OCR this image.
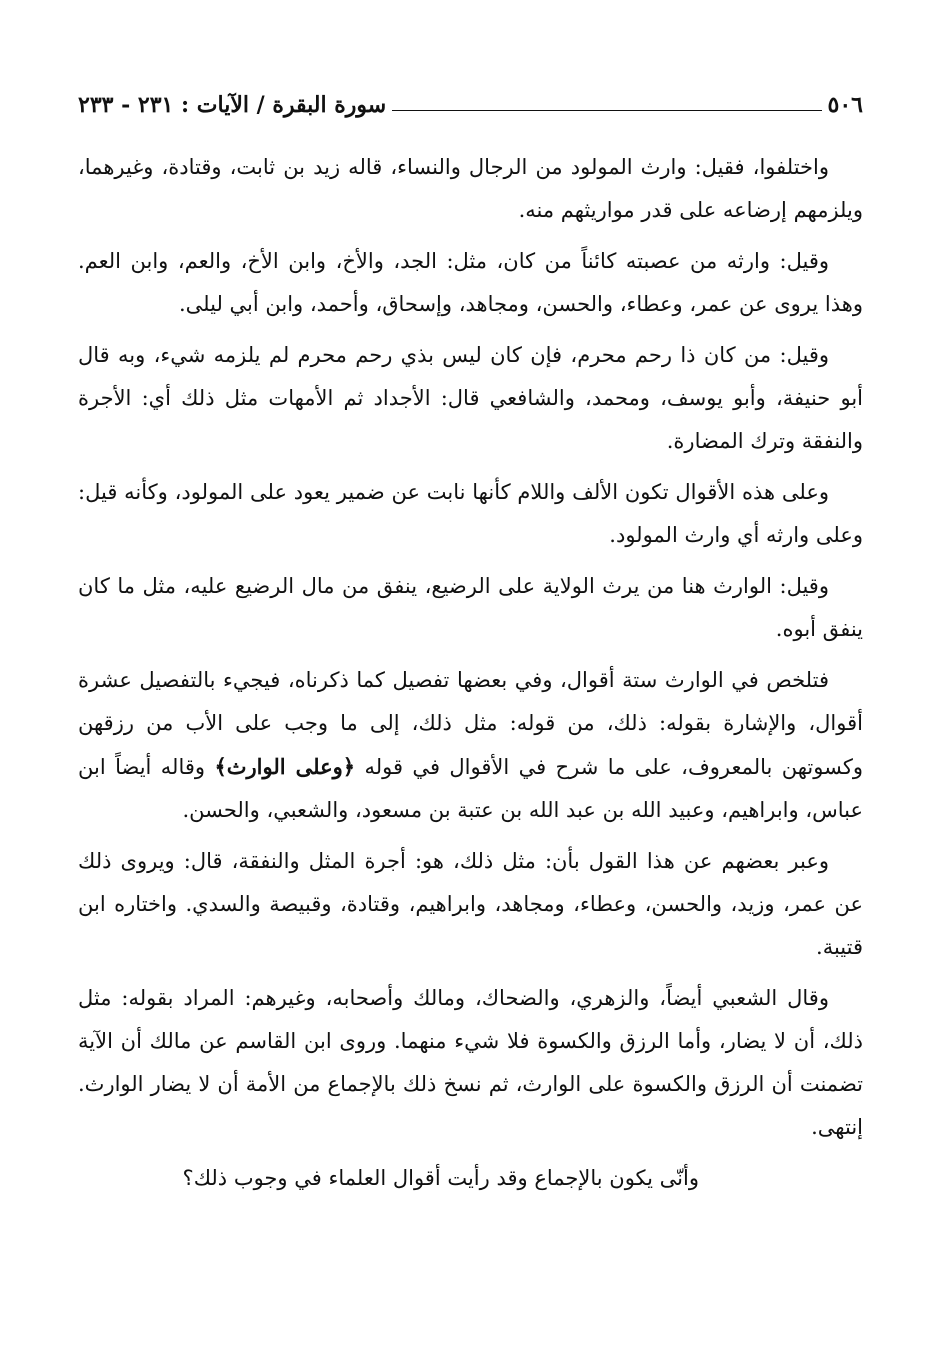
٥٠٦
سورة البقرة / الآيات : ٢٣١ - ٢٣٣

واختلفوا، فقيل: وارث المولود من الرجال والنساء، قاله زيد بن ثابت، وقتادة، وغيرهما، ويلزمهم إرضاعه على قدر مواريثهم منه.

وقيل: وارثه من عصبته كائناً من كان، مثل: الجد، والأخ، وابن الأخ، والعم، وابن العم. وهذا يروى عن عمر، وعطاء، والحسن، ومجاهد، وإسحاق، وأحمد، وابن أبي ليلى.

وقيل: من كان ذا رحم محرم، فإن كان ليس بذي رحم محرم لم يلزمه شيء، وبه قال أبو حنيفة، وأبو يوسف، ومحمد، والشافعي قال: الأجداد ثم الأمهات مثل ذلك أي: الأجرة والنفقة وترك المضارة.

وعلى هذه الأقوال تكون الألف واللام كأنها نابت عن ضمير يعود على المولود، وكأنه قيل: وعلى وارثه أي وارث المولود.

وقيل: الوارث هنا من يرث الولاية على الرضيع، ينفق من مال الرضيع عليه، مثل ما كان ينفق أبوه.

فتلخص في الوارث ستة أقوال، وفي بعضها تفصيل كما ذكرناه، فيجيء بالتفصيل عشرة أقوال، والإشارة بقوله: ذلك، من قوله: مثل ذلك، إلى ما وجب على الأب من رزقهن وكسوتهن بالمعروف، على ما شرح في الأقوال في قوله ﴿وعلى الوارث﴾ وقاله أيضاً ابن عباس، وابراهيم، وعبيد الله بن عبد الله بن عتبة بن مسعود، والشعبي، والحسن.

وعبر بعضهم عن هذا القول بأن: مثل ذلك، هو: أجرة المثل والنفقة، قال: ويروى ذلك عن عمر، وزيد، والحسن، وعطاء، ومجاهد، وابراهيم، وقتادة، وقبيصة والسدي. واختاره ابن قتيبة.

وقال الشعبي أيضاً، والزهري، والضحاك، ومالك وأصحابه، وغيرهم: المراد بقوله: مثل ذلك، أن لا يضار، وأما الرزق والكسوة فلا شيء منهما. وروى ابن القاسم عن مالك أن الآية تضمنت أن الرزق والكسوة على الوارث، ثم نسخ ذلك بالإجماع من الأمة أن لا يضار الوارث. إنتهى.

وأنّى يكون بالإجماع وقد رأيت أقوال العلماء في وجوب ذلك؟
